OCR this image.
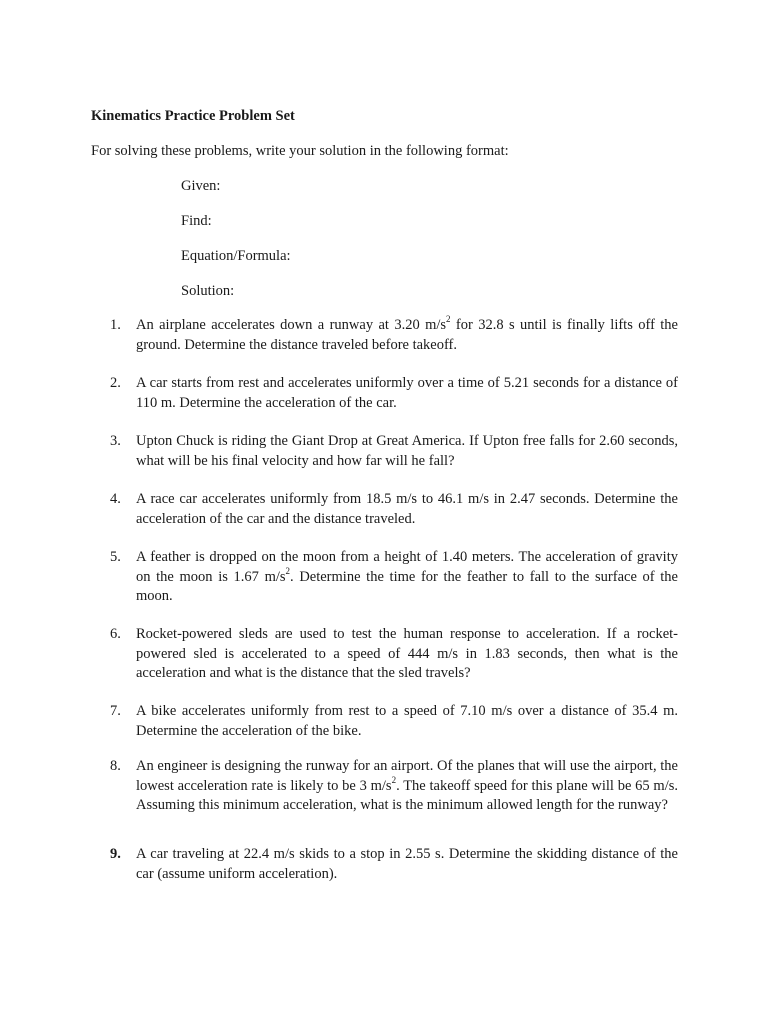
Kinematics Practice Problem Set
For solving these problems, write your solution in the following format:
Given:
Find:
Equation/Formula:
Solution:
1.	An airplane accelerates down a runway at 3.20 $m/s^2$ for 32.8 s until is finally lifts off the ground. Determine the distance traveled before takeoff.
2.	A car starts from rest and accelerates uniformly over a time of 5.21 seconds for a distance of 110 m. Determine the acceleration of the car.
3.	Upton Chuck is riding the Giant Drop at Great America. If Upton free falls for 2.60 seconds, what will be his final velocity and how far will he fall?
4.	A race car accelerates uniformly from 18.5 m/s to 46.1 m/s in 2.47 seconds. Determine the acceleration of the car and the distance traveled.
5.	A feather is dropped on the moon from a height of 1.40 meters. The acceleration of gravity on the moon is 1.67 $m/s^2$. Determine the time for the feather to fall to the surface of the moon.
6.	Rocket-powered sleds are used to test the human response to acceleration. If a rocket-powered sled is accelerated to a speed of 444 m/s in 1.83 seconds, then what is the acceleration and what is the distance that the sled travels?
7.	A bike accelerates uniformly from rest to a speed of 7.10 m/s over a distance of 35.4 m. Determine the acceleration of the bike.
8.	An engineer is designing the runway for an airport. Of the planes that will use the airport, the lowest acceleration rate is likely to be 3 $m/s^2$. The takeoff speed for this plane will be 65 m/s. Assuming this minimum acceleration, what is the minimum allowed length for the runway?
9.	A car traveling at 22.4 m/s skids to a stop in 2.55 s. Determine the skidding distance of the car (assume uniform acceleration).
